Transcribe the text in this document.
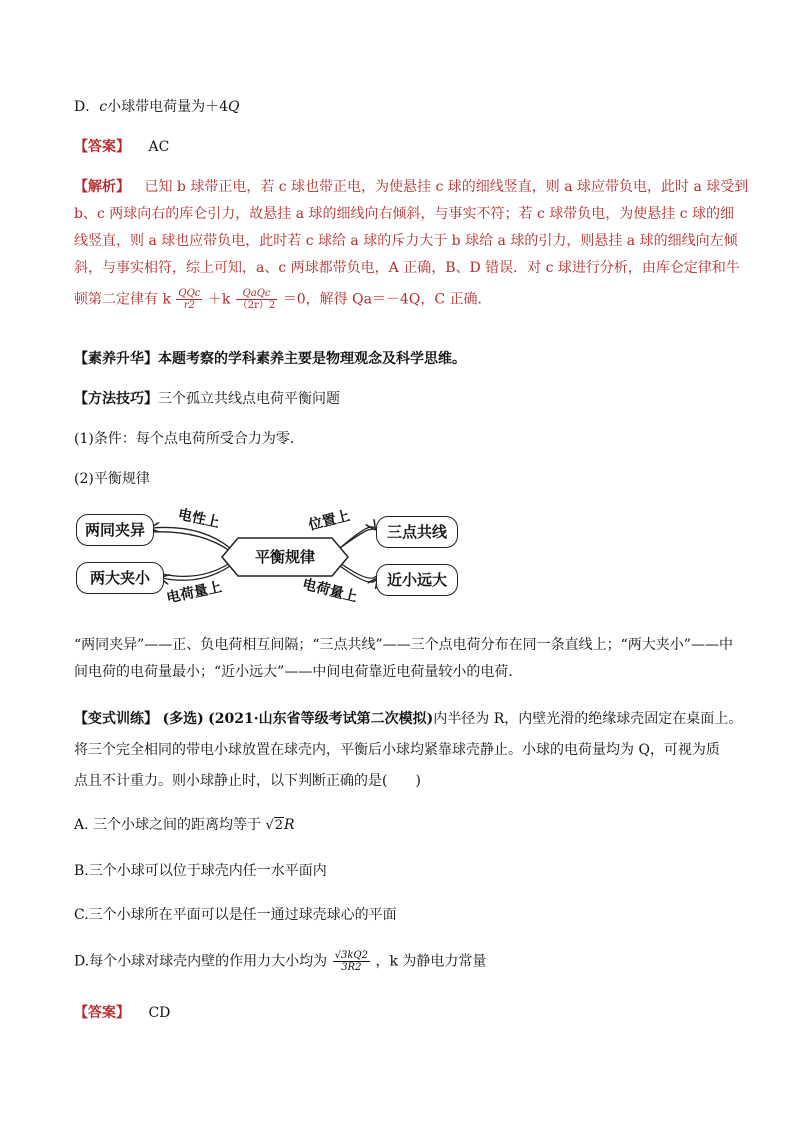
D．c小球带电荷量为＋4Q
【答案】 AC
【解析】 已知 b 球带正电，若 c 球也带正电，为使悬挂 c 球的细线竖直，则 a 球应带负电，此时 a 球受到
b、c 两球向右的库仑引力，故悬挂 a 球的细线向右倾斜，与事实不符；若 c 球带负电，为使悬挂 c 球的细
线竖直，则 a 球也应带负电，此时若 c 球给 a 球的斥力大于 b 球给 a 球的引力，则悬挂 a 球的细线向左倾
斜，与事实相符，综上可知，a、c 两球都带负电，A 正确，B、D 错误．对 c 球进行分析，由库仑定律和牛
顿第二定律有 k $\frac{\text{QQc}}{r2} +k \frac{\text{QaQc}}{(2r)2} =0$，解得 Qa＝－4Q，C 正确．
【素养升华】本题考察的学科素养主要是物理观念及科学思维。
【方法技巧】三个孤立共线点电荷平衡问题
(1)条件：每个点电荷所受合力为零．
(2)平衡规律
两同夹异
两大夹小
三点共线
近小远大
平衡规律
电性上
电荷量上
位置上
电荷量上
“两同夹异”——正、负电荷相互间隔；“三点共线”——三个点电荷分布在同一条直线上；“两大夹小”——中
间电荷的电荷量最小；“近小远大”——中间电荷靠近电荷量较小的电荷．
【变式训练】 (多选) (2021·山东省等级考试第二次模拟)内半径为 R，内壁光滑的绝缘球壳固定在桌面上。
将三个完全相同的带电小球放置在球壳内，平衡后小球均紧靠球壳静止。小球的电荷量均为 Q，可视为质
点且不计重力。则小球静止时，以下判断正确的是(　　)
A. 三个小球之间的距离均等于 √2R
B.三个小球可以位于球壳内任一水平面内
C.三个小球所在平面可以是任一通过球壳球心的平面
D.每个小球对球壳内壁的作用力大小均为 $\frac{√3kQ2}{3R2}$ ，k 为静电力常量
【答案】 CD
